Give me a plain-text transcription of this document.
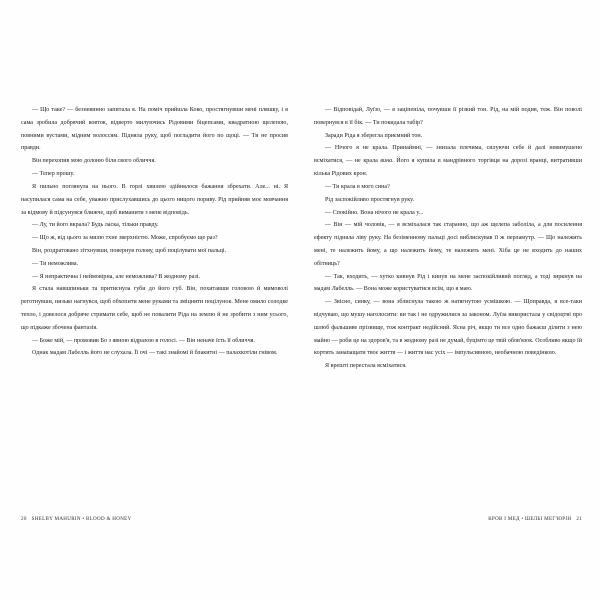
— Що таке? — безневинно запитала я. На поміч прийшла Коко, простягнувши мені пляшку, і я сама зробила добрячий ковток, відверто милуючись Рідовими біцепсами, квадратною щелепою, повними вустами, мідним волоссям. Підняла руку, щоб погладити його по щоці. — Ти не просив правди.

Він перехопив мою долоню біля свого обличчя.

— Тепер прошу.

Я пильно поглянула на нього. В горлі хвилею здійнялося бажання збрехати. Але... ні. Я насупилася сама на себе, уважно прислухавшись до цього ницого пориву. Рід прийняв моє мовчання за відмову й підсунувся ближче, щоб виманити з мене відповідь.

— Лу, ти його вкрала? Будь ласка, тільки правду.

— Що ж, від цього за милю тхне зверхністю. Може, спробуємо ще раз?

Він, роздратовано зітхнувши, повернув голову, щоб поцілувати мої пальці.

— Ти неможлива.

— Я непрактична і неймовірна, але неможлива? В жодному разі.

Я стала навшпиньки та притиснула губи до його губ. Він, похитавши головою й мимоволі реготнувши, низько нагнувся, щоб обхопити мене руками та зміцнити поцілунок. Мене омило солодке тепло, і довелося добряче стримати себе, щоб не повалити Ріда на землю й не зробити з ним усього, що підкаже збочена фантазія.

— Боже мій, — промовив Бо з явною відразою в голосі. — Він неначе їсть її обличчя.

Однак мадам Лабелль його не слухала. Її очі — такі знайомі й блакитні — палахкотіли гнівом.

20 SHELBY MAHURIN • BLOOD & HONEY

— Відповідай, Луїзо, — я заціпеніла, почувши її різкий тон. Рід, на мій подив, теж. Він поволі повернувся в її бік. — Ти покидала табір?

Заради Ріда я зберегла приємний тон.

— Нічого я не крала. Принаймні, — знизала плечима, силуючи себе й далі невимушено всміхатися, — не крала вина. Його я купила в мандрівного торгівця на дорозі вранці, витративши кілька Рідових крон.

— Ти крала в мого сина?

Рід заспокійливо простягнув руку.

— Спокійно. Вона нічого не крала у...

— Він — мій чоловік, — я всміхалася так старанно, що аж щелепа заболіла, а для посилення ефекту підняла ліву руку. На безіменному пальці досі виблискував її ж перламутр. — Що належить мені, те належить йому, а що належить йому, те належить мені. Хіба це не входить до наших обітниць?

— Так, входить, — хутко кивнув Рід і кинув на мене заспокійливий погляд, а тоді зиркнув на мадам Лабелль. — Вона може користуватися всім, що я маю.

— Звісно, синку, — вона зблиснула такою ж натягнутою усмішкою. — Щоправда, я все-таки відчуваю, що мушу наголосити: ви так і не одружилися за законом. Луїза використала у свідоцтві про шлюб фальшиве прізвище, тож контракт недійсний. Ясна річ, якщо ти все одно бажаєш ділити з нею майно — роби це на здоров'я, та в жодному разі не думай, буцімто це твій обов'язок. Особливо якщо їй кортить занапащати твоє життя — і життя нас усіх — імпульсивною, необачною поведінкою.

Я врешті перестала всміхатися.

КРОВ І МЕД • ШЕЛБІ МЕГ'ЮРІН 21
